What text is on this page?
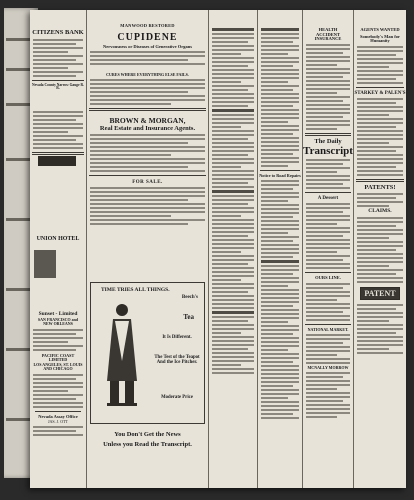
CITIZENS BANK
Nevada County Narrow Gauge R. R.
UNION HOTEL
Sunset - Limited
SAN FRANCISCO and
NEW ORLEANS
PACIFIC COAST LIMITED
LOS ANGELES, ST. LOUIS
AND CHICAGO
Nevada Assay Office
JAS. J. OTT
MANWOOD RESTORED
CUPIDENE
Nervousness or Diseases of Generative Organs
CURES WHERE EVERYTHING ELSE FAILS.
BROWN & MORGAN,
Real Estate and Insurance Agents.
FOR SALE.
TIME TRIES ALL THINGS.
Beech's
Tea
It Is Different.
The Test of the Teapot And the Ice Pitcher.
Moderate Price
You Don't Get the News
Unless you Read the Transcript.
Notice to Road Repairs
HEALTH
ACCIDENT
INSURANCE
The Daily
Transcript
A Dessert
OURS LINE.
NATIONAL MARKET.
MCNALLY MORROW
AGENTS WANTED
Somebody's Man for Humanity
STARKEY & PALEN'S
PATENTS!
CLAIMS.
PATENT
